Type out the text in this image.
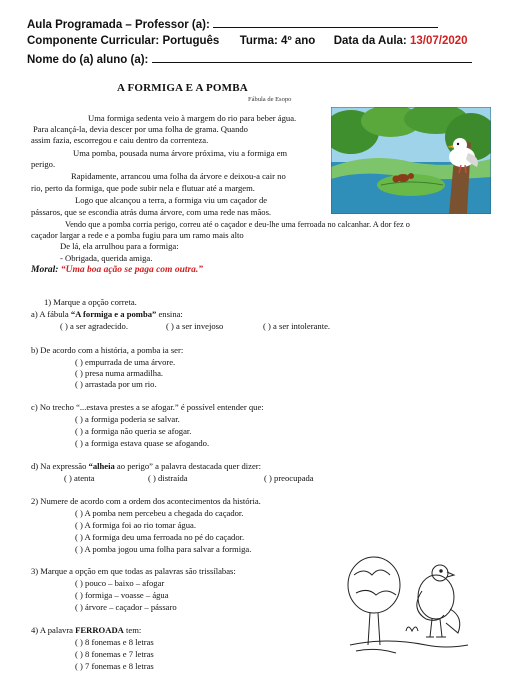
Aula Programada – Professor (a):
Componente Curricular: Português Turma: 4º ano Data da Aula: 13/07/2020
Nome do (a) aluno (a):
A FORMIGA E A POMBA
Fábula de Esopo

Uma formiga sedenta veio à margem do rio para beber água.

Para alcançá-la, devia descer por uma folha de grama. Quando

assim fazia, escorregou e caiu dentro da correnteza.

Uma pomba, pousada numa árvore próxima, viu a formiga em

perigo.

Rapidamente, arrancou uma folha da árvore e deixou-a cair no

rio, perto da formiga, que pode subir nela e flutuar até a margem.

Logo que alcançou a terra, a formiga viu um caçador de

pássaros, que se escondia atrás duma árvore, com uma rede nas mãos.

Vendo que a pomba corria perigo, correu até o caçador e deu-lhe uma ferroada no calcanhar. A dor fez o

caçador largar a rede e a pomba fugiu para um ramo mais alto

De lá, ela arrulhou para a formiga:

- Obrigada, querida amiga.

Moral: “Uma boa ação se paga com outra.”

1) Marque a opção correta.

a) A fábula “A formiga e a pomba” ensina:

( ) a ser agradecido.	( ) a ser invejoso	( ) a ser intolerante.

b) De acordo com a história, a pomba ia ser:

( ) empurrada de uma árvore.

( ) presa numa armadilha.

( ) arrastada por um rio.

c) No trecho “...estava prestes a se afogar.” é possível entender que:

( ) a formiga poderia se salvar.

( ) a formiga não queria se afogar.

( ) a formiga estava quase se afogando.

d) Na expressão “alheia ao perigo” a palavra destacada quer dizer:

( ) atenta	( ) distraída	( ) preocupada

2) Numere de acordo com a ordem dos acontecimentos da história.

( ) A pomba nem percebeu a chegada do caçador.

( ) A formiga foi ao rio tomar água.

( ) A formiga deu uma ferroada no pé do caçador.

( ) A pomba jogou uma folha para salvar a formiga.

3) Marque a opção em que todas as palavras são trissílabas:

( ) pouco – baixo – afogar

( ) formiga – voasse – água

( ) árvore – caçador – pássaro

4) A palavra FERROADA tem:

( ) 8 fonemas e 8 letras

( ) 8 fonemas e 7 letras

( ) 7 fonemas e 8 letras
